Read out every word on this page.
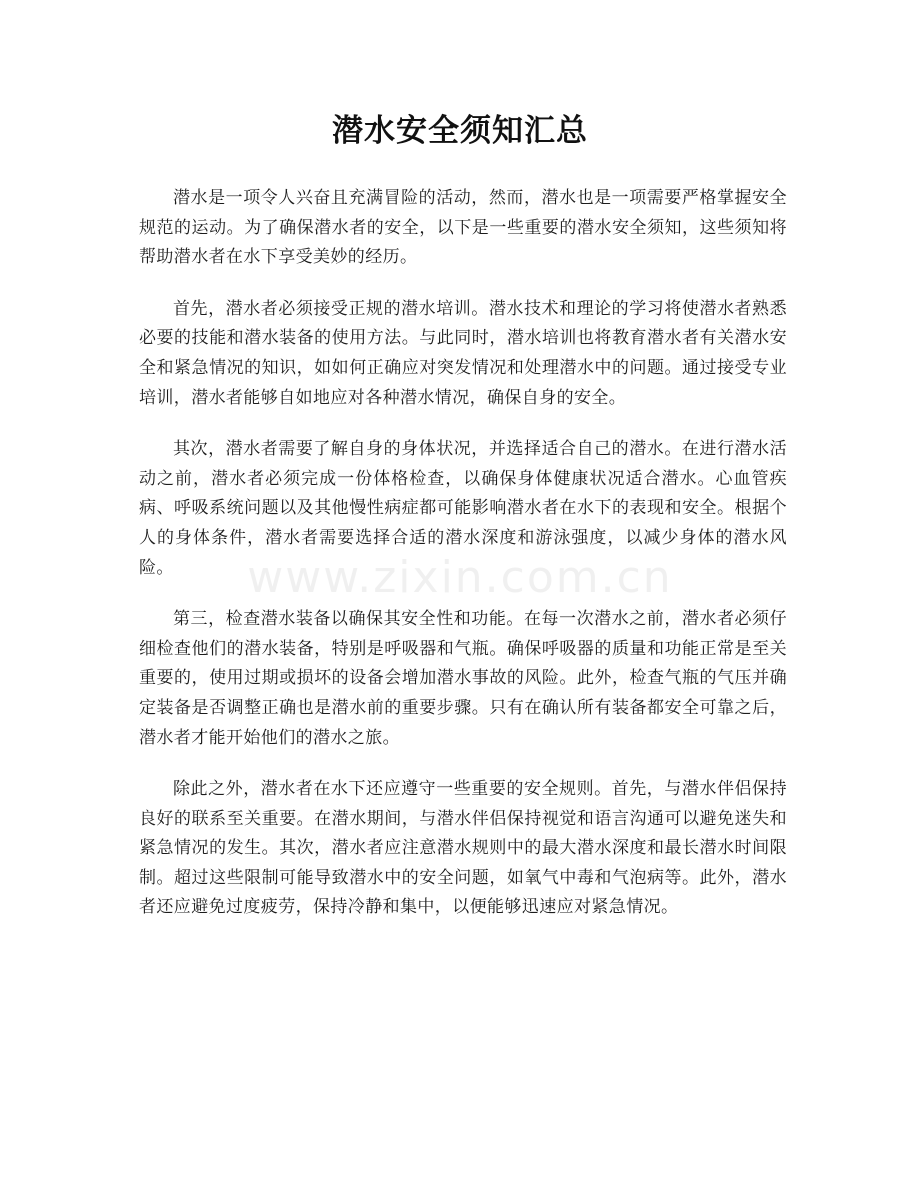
潜水安全须知汇总

潜水是一项令人兴奋且充满冒险的活动，然而，潜水也是一项需要严格掌握安全规范的运动。为了确保潜水者的安全，以下是一些重要的潜水安全须知，这些须知将帮助潜水者在水下享受美妙的经历。

首先，潜水者必须接受正规的潜水培训。潜水技术和理论的学习将使潜水者熟悉必要的技能和潜水装备的使用方法。与此同时，潜水培训也将教育潜水者有关潜水安全和紧急情况的知识，如如何正确应对突发情况和处理潜水中的问题。通过接受专业培训，潜水者能够自如地应对各种潜水情况，确保自身的安全。

其次，潜水者需要了解自身的身体状况，并选择适合自己的潜水。在进行潜水活动之前，潜水者必须完成一份体格检查，以确保身体健康状况适合潜水。心血管疾病、呼吸系统问题以及其他慢性病症都可能影响潜水者在水下的表现和安全。根据个人的身体条件，潜水者需要选择合适的潜水深度和游泳强度，以减少身体的潜水风险。

第三，检查潜水装备以确保其安全性和功能。在每一次潜水之前，潜水者必须仔细检查他们的潜水装备，特别是呼吸器和气瓶。确保呼吸器的质量和功能正常是至关重要的，使用过期或损坏的设备会增加潜水事故的风险。此外，检查气瓶的气压并确定装备是否调整正确也是潜水前的重要步骤。只有在确认所有装备都安全可靠之后，潜水者才能开始他们的潜水之旅。

除此之外，潜水者在水下还应遵守一些重要的安全规则。首先，与潜水伴侣保持良好的联系至关重要。在潜水期间，与潜水伴侣保持视觉和语言沟通可以避免迷失和紧急情况的发生。其次，潜水者应注意潜水规则中的最大潜水深度和最长潜水时间限制。超过这些限制可能导致潜水中的安全问题，如氧气中毒和气泡病等。此外，潜水者还应避免过度疲劳，保持冷静和集中，以便能够迅速应对紧急情况。

www.zixin.com.cn
